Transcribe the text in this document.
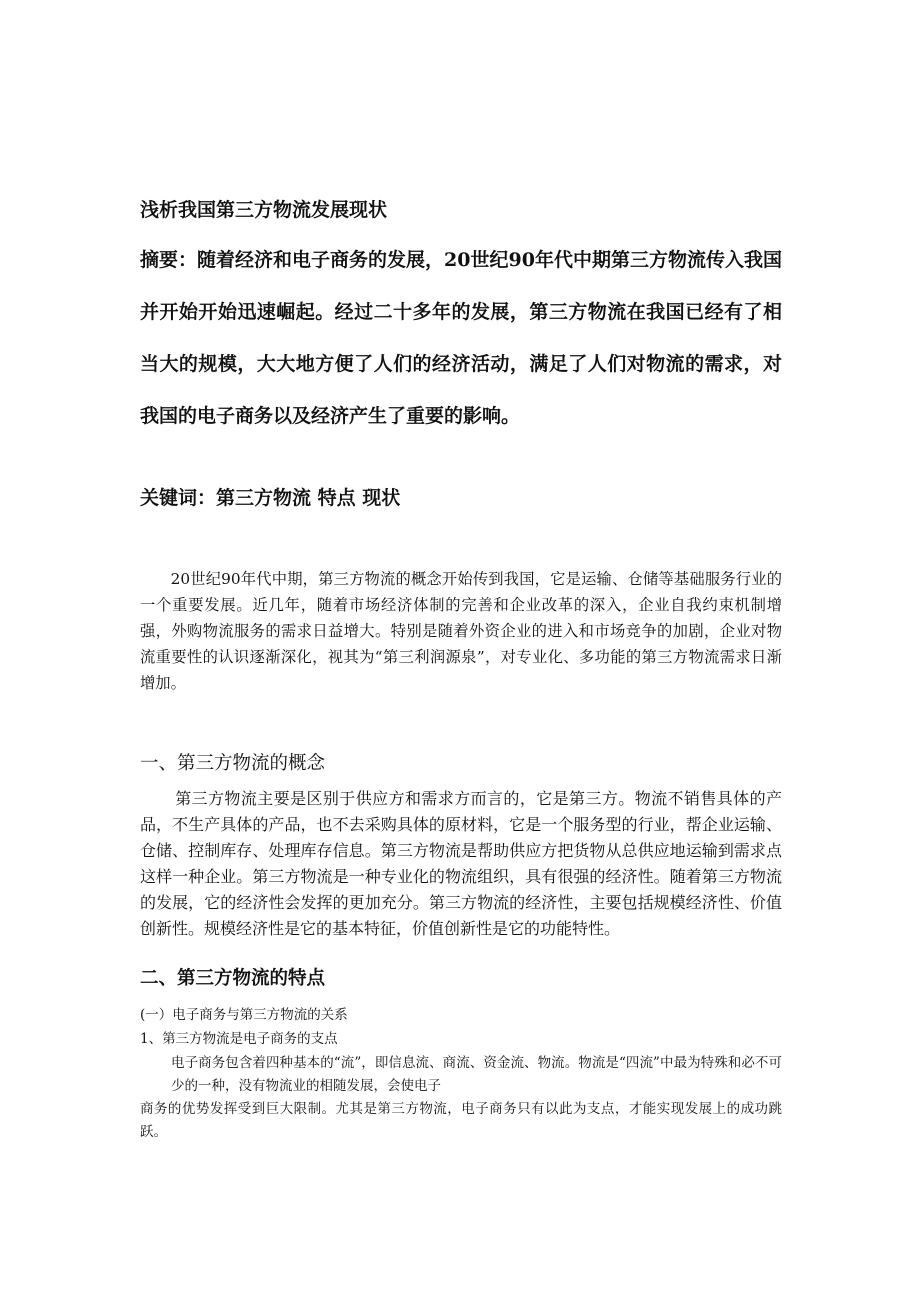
浅析我国第三方物流发展现状

摘要：随着经济和电子商务的发展，20世纪90年代中期第三方物流传入我国并开始开始迅速崛起。经过二十多年的发展，第三方物流在我国已经有了相当大的规模，大大地方便了人们的经济活动，满足了人们对物流的需求，对我国的电子商务以及经济产生了重要的影响。

关键词：第三方物流 特点 现状

20世纪90年代中期，第三方物流的概念开始传到我国，它是运输、仓储等基础服务行业的一个重要发展。近几年，随着市场经济体制的完善和企业改革的深入，企业自我约束机制增强，外购物流服务的需求日益增大。特别是随着外资企业的进入和市场竞争的加剧，企业对物流重要性的认识逐渐深化，视其为“第三利润源泉”，对专业化、多功能的第三方物流需求日渐增加。

一、第三方物流的概念

第三方物流主要是区别于供应方和需求方而言的，它是第三方。物流不销售具体的产品，不生产具体的产品，也不去采购具体的原材料，它是一个服务型的行业，帮企业运输、仓储、控制库存、处理库存信息。第三方物流是帮助供应方把货物从总供应地运输到需求点这样一种企业。第三方物流是一种专业化的物流组织，具有很强的经济性。随着第三方物流的发展，它的经济性会发挥的更加充分。第三方物流的经济性，主要包括规模经济性、价值创新性。规模经济性是它的基本特征，价值创新性是它的功能特性。

二、第三方物流的特点

(一）电子商务与第三方物流的关系

1、第三方物流是电子商务的支点

电子商务包含着四种基本的“流”，即信息流、商流、资金流、物流。物流是“四流”中最为特殊和必不可少的一种，没有物流业的相随发展，会使电子
商务的优势发挥受到巨大限制。尤其是第三方物流，电子商务只有以此为支点，才能实现发展上的成功跳跃。
